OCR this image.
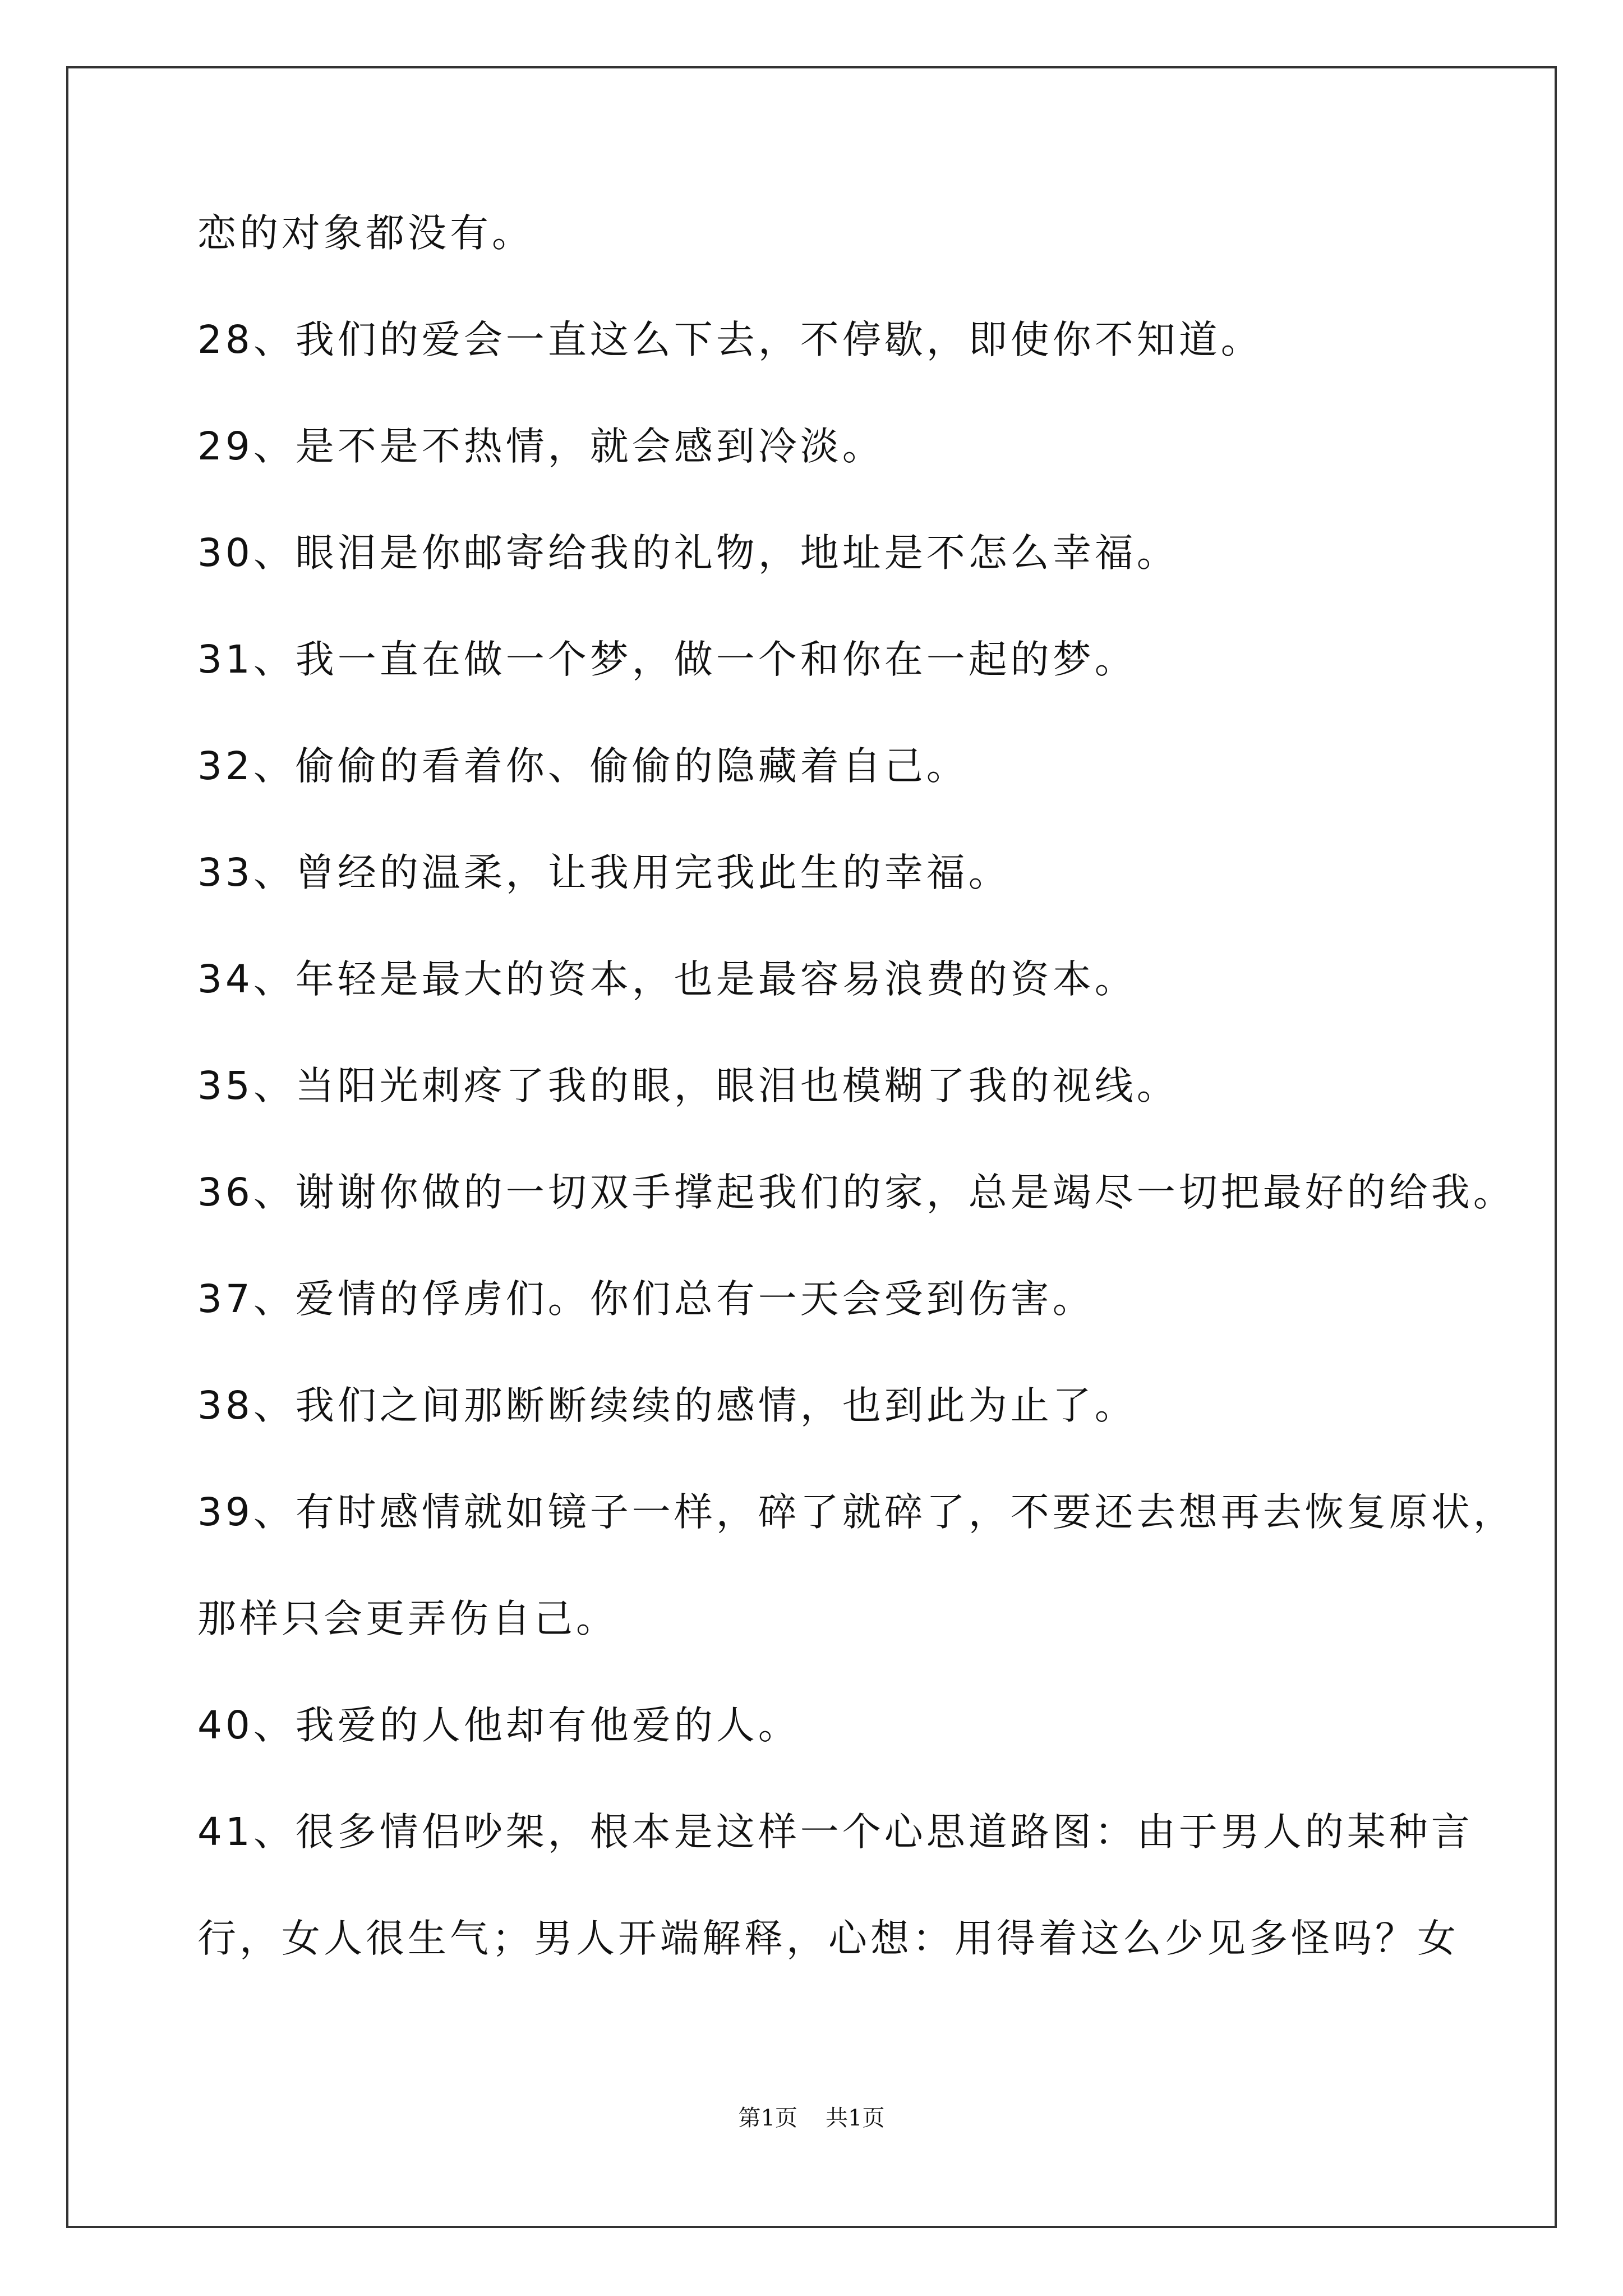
恋的对象都没有。
28、我们的爱会一直这么下去，不停歇，即使你不知道。
29、是不是不热情，就会感到冷淡。
30、眼泪是你邮寄给我的礼物，地址是不怎么幸福。
31、我一直在做一个梦，做一个和你在一起的梦。
32、偷偷的看着你、偷偷的隐藏着自己。
33、曾经的温柔，让我用完我此生的幸福。
34、年轻是最大的资本，也是最容易浪费的资本。
35、当阳光刺疼了我的眼，眼泪也模糊了我的视线。
36、谢谢你做的一切双手撑起我们的家，总是竭尽一切把最好的给我。
37、爱情的俘虏们。你们总有一天会受到伤害。
38、我们之间那断断续续的感情，也到此为止了。
39、有时感情就如镜子一样，碎了就碎了，不要还去想再去恢复原状，
那样只会更弄伤自己。
40、我爱的人他却有他爱的人。
41、很多情侣吵架，根本是这样一个心思道路图：由于男人的某种言
行，女人很生气；男人开端解释，心想：用得着这么少见多怪吗？女
第1页 共1页
